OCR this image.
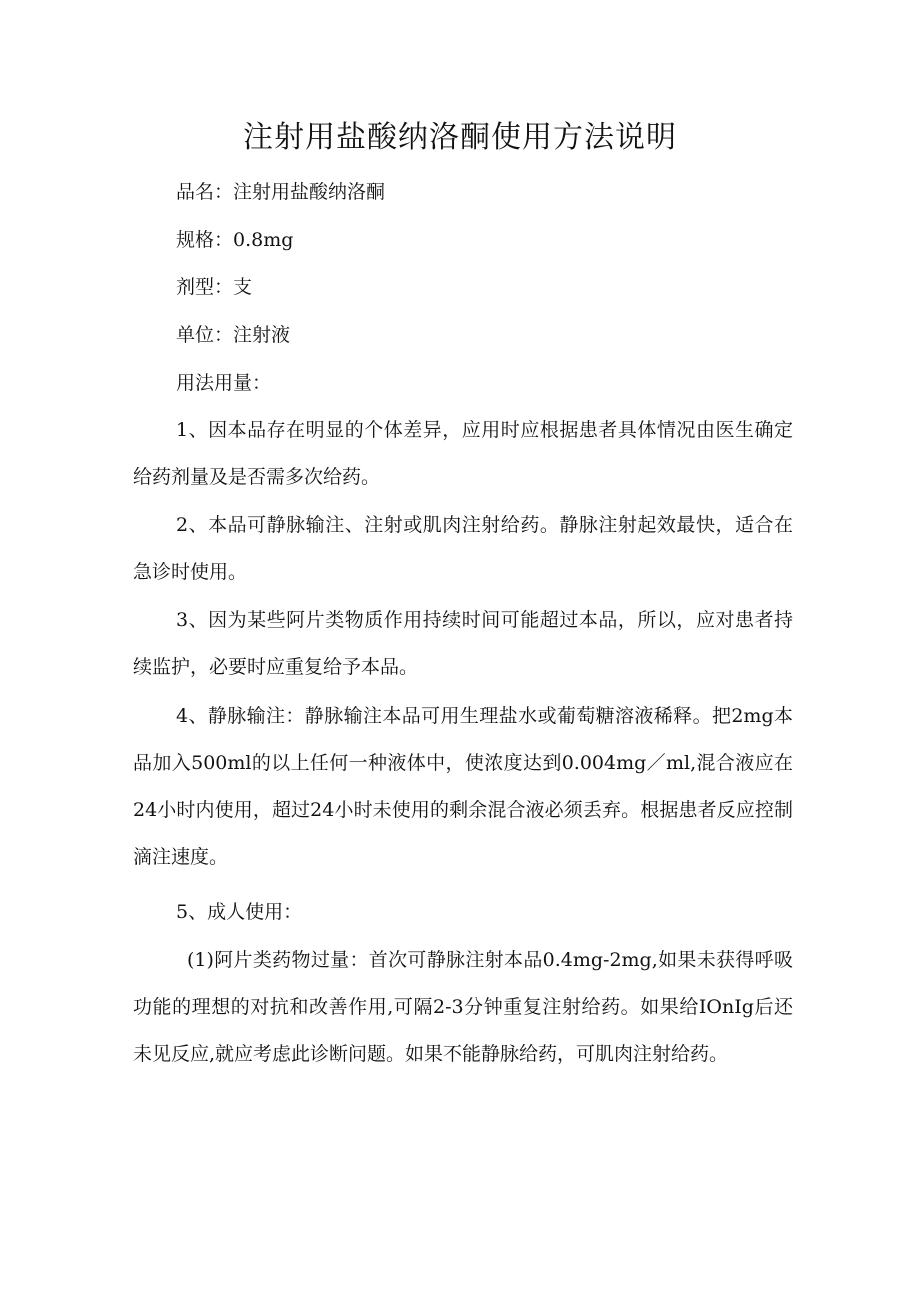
注射用盐酸纳洛酮使用方法说明

品名：注射用盐酸纳洛酮

规格：0.8mg

剂型：支

单位：注射液

用法用量：

1、因本品存在明显的个体差异，应用时应根据患者具体情况由医生确定给药剂量及是否需多次给药。

2、本品可静脉输注、注射或肌肉注射给药。静脉注射起效最快，适合在急诊时使用。

3、因为某些阿片类物质作用持续时间可能超过本品，所以，应对患者持续监护，必要时应重复给予本品。

4、静脉输注：静脉输注本品可用生理盐水或葡萄糖溶液稀释。把2mg本品加入500ml的以上任何一种液体中，使浓度达到0.004mg／ml,混合液应在24小时内使用，超过24小时未使用的剩余混合液必须丢弃。根据患者反应控制滴注速度。

5、成人使用：

(1)阿片类药物过量：首次可静脉注射本品0.4mg-2mg,如果未获得呼吸功能的理想的对抗和改善作用,可隔2-3分钟重复注射给药。如果给IOnIg后还未见反应,就应考虑此诊断问题。如果不能静脉给药，可肌肉注射给药。
